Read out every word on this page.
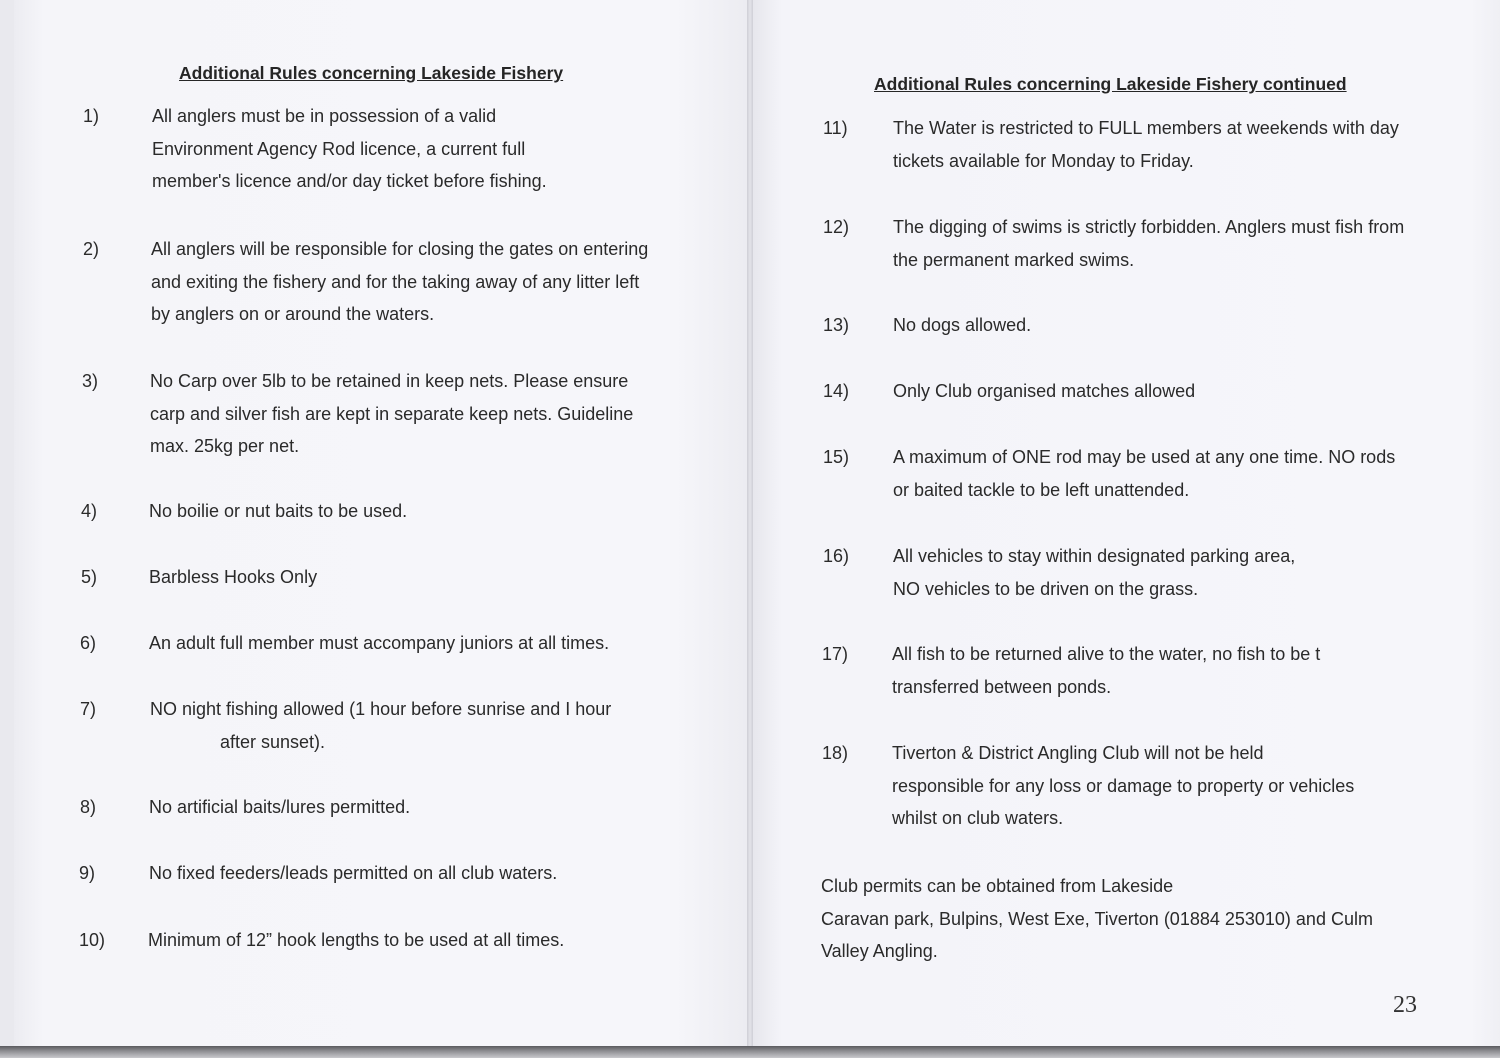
Additional Rules concerning Lakeside Fishery
1)	All anglers must be in possession of a valid
Environment Agency Rod licence, a current full
member's licence and/or day ticket before fishing.
2)	All anglers will be responsible for closing the gates on entering
and exiting the fishery and for the taking away of any litter left
by anglers on or around the waters.
3)	No Carp over 5lb to be retained in keep nets. Please ensure
carp and silver fish are kept in separate keep nets. Guideline
max. 25kg per net.
4)	No boilie or nut baits to be used.
5)	Barbless Hooks Only
6)	An adult full member must accompany juniors at all times.
7)	NO night fishing allowed (1 hour before sunrise and I hour
after sunset).
8)	No artificial baits/lures permitted.
9)	No fixed feeders/leads permitted on all club waters.
10) Minimum of 12” hook lengths to be used at all times.
Additional Rules concerning Lakeside Fishery continued
11)	The Water is restricted to FULL members at weekends with day
tickets available for Monday to Friday.
12) The digging of swims is strictly forbidden. Anglers must fish from
the permanent marked swims.
13) No dogs allowed.
14) Only Club organised matches allowed
15) A maximum of ONE rod may be used at any one time. NO rods
or baited tackle to be left unattended.
16) All vehicles to stay within designated parking area,
NO vehicles to be driven on the grass.
17) All fish to be returned alive to the water, no fish to be t
transferred between ponds.
18) Tiverton & District Angling Club will not be held
responsible for any loss or damage to property or vehicles
whilst on club waters.
Club permits can be obtained from Lakeside
Caravan park, Bulpins, West Exe, Tiverton (01884 253010) and Culm
Valley Angling.
23
